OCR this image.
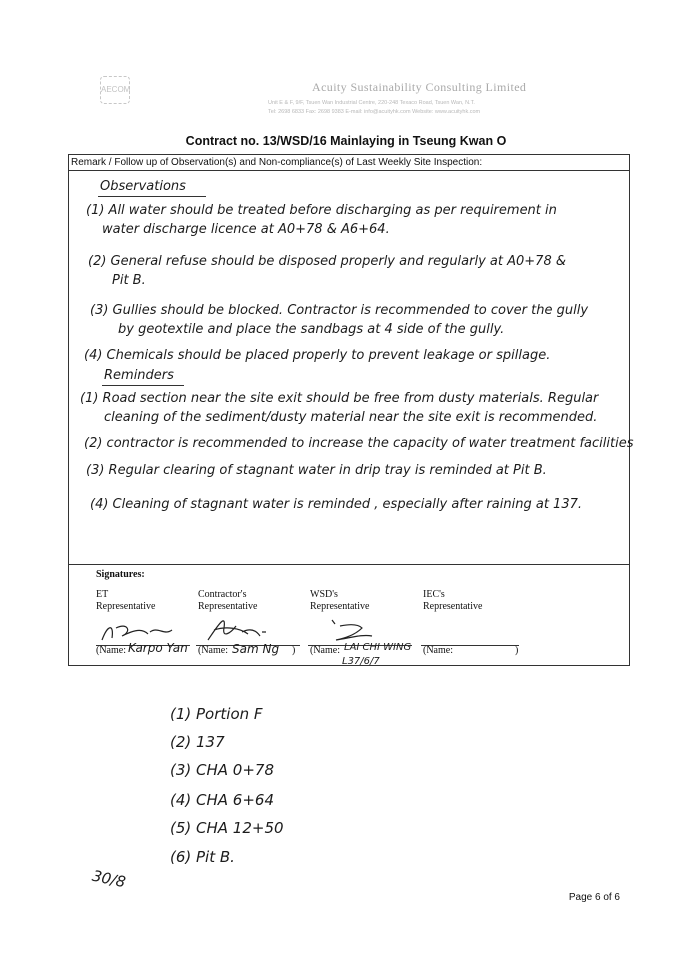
AECOM	Acuity Sustainability Consulting Limited
Unit E & F, 9/F, Tsuen Wan Industrial Centre, 220-248 Texaco Road, Tsuen Wan, N.T.
Tel: 2698 6833 Fax: 2698 9383 E-mail: info@acuityhk.com Website: www.acuityhk.com
Contract no. 13/WSD/16 Mainlaying in Tseung Kwan O
Remark / Follow up of Observation(s) and Non-compliance(s) of Last Weekly Site Inspection:
Observations
(1) All water should be treated before discharging as per requirement in
water discharge licence at A0+78 & A6+64.
(2) General refuse should be disposed properly and regularly at A0+78 &
Pit B.
(3) Gullies should be blocked. Contractor is recommended to cover the gully
by geotextile and place the sandbags at 4 side of the gully.
(4) Chemicals should be placed properly to prevent leakage or spillage.
Reminders
(1) Road section near the site exit should be free from dusty materials. Regular
cleaning of the sediment/dusty material near the site exit is recommended.
(2) contractor is recommended to increase the capacity of water treatment facilities
(3) Regular clearing of stagnant water in drip tray is reminded at Pit B.
(4) Cleaning of stagnant water is reminded , especially after raining at 137.
Signatures:
ET
Representative
Contractor's
Representative
WSD's
Representative
IEC's
Representative
(Name: Karpo Yan (Name: Sam Ng ) (Name: LAI CHI WING
L37/6/7
(Name:	)
(1) Portion F
(2) 137
(3) CHA 0+78
(4) CHA 6+64
(5) CHA 12+50
(6) Pit B.
30/8
Page 6 of 6
